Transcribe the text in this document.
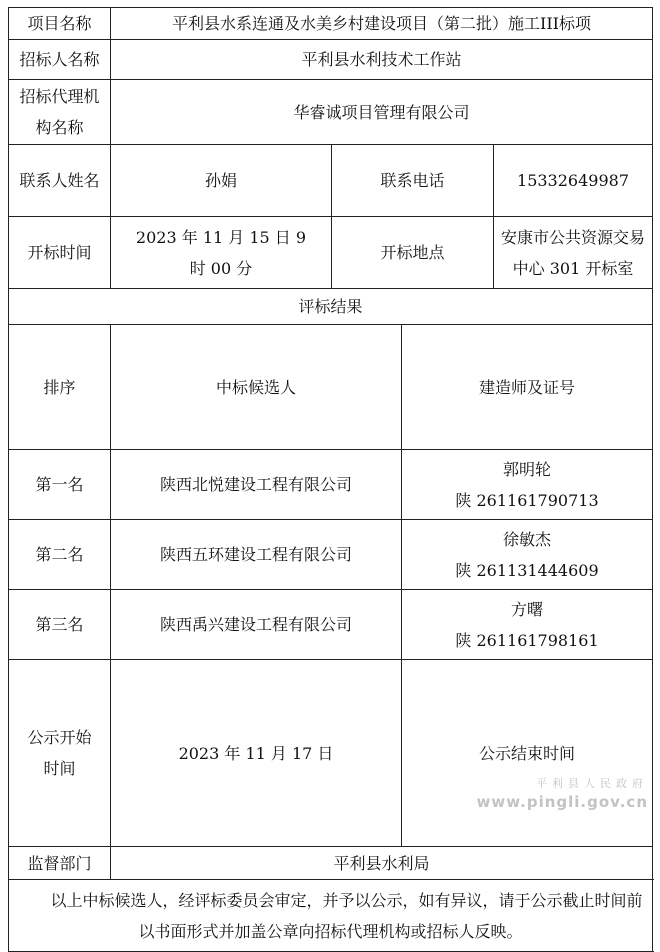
项目名称	平利县水系连通及水美乡村建设项目（第二批）施工III标项				
招标人名称	平利县水利技术工作站				
招标代理机构名称	华睿诚项目管理有限公司				
联系人姓名	孙娟	联系电话		15332649987	
开标时间	2023 年 11 月 15 日 9 时 00 分	开标地点		安康市公共资源交易中心 301 开标室	
评标结果					
排序	中标候选人		建造师及证号	
第一名	陕西北悦建设工程有限公司		郭明轮
陕 261161790713

第二名	陕西五环建设工程有限公司		徐敏杰
陕 261131444609

第三名	陕西禹兴建设工程有限公司		方曙
陕 261161798161

公示开始时间	2023 年 11 月 17 日		公示结束时间	
监督部门	平利县水利局				
以上中标候选人，经评标委员会审定，并予以公示，如有异议，请于公示截止时间前以书面形式并加盖公章向招标代理机构或招标人反映。					
平利县人民政府
www.pingli.gov.cn
